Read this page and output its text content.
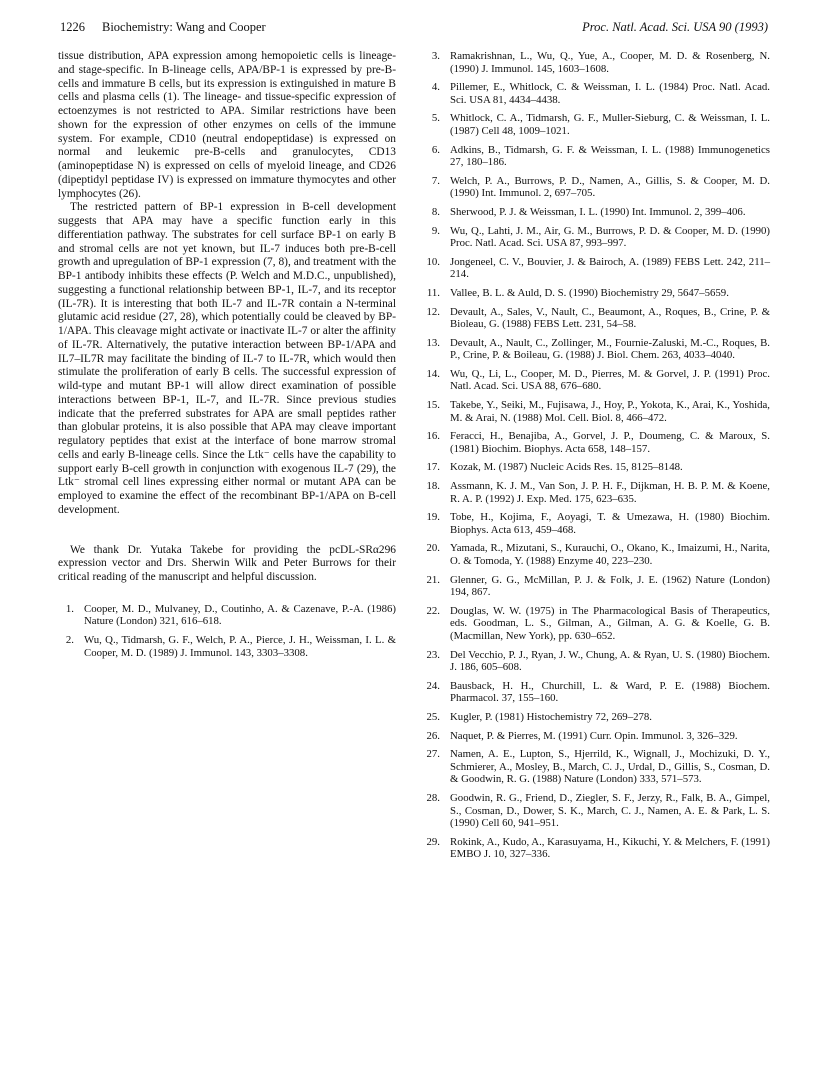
1226 Biochemistry: Wang and Cooper	Proc. Natl. Acad. Sci. USA 90 (1993)

tissue distribution, APA expression among hemopoietic cells is lineage- and stage-specific. In B-lineage cells, APA/BP-1 is expressed by pre-B-cells and immature B cells, but its expression is extinguished in mature B cells and plasma cells (1). The lineage- and tissue-specific expression of ectoenzymes is not restricted to APA. Similar restrictions have been shown for the expression of other enzymes on cells of the immune system. For example, CD10 (neutral endopeptidase) is expressed on normal and leukemic pre-B-cells and granulocytes, CD13 (aminopeptidase N) is expressed on cells of myeloid lineage, and CD26 (dipeptidyl peptidase IV) is expressed on immature thymocytes and other lymphocytes (26).

The restricted pattern of BP-1 expression in B-cell development suggests that APA may have a specific function early in this differentiation pathway. The substrates for cell surface BP-1 on early B and stromal cells are not yet known, but IL-7 induces both pre-B-cell growth and upregulation of BP-1 expression (7, 8), and treatment with the BP-1 antibody inhibits these effects (P. Welch and M.D.C., unpublished), suggesting a functional relationship between BP-1, IL-7, and its receptor (IL-7R). It is interesting that both IL-7 and IL-7R contain a N-terminal glutamic acid residue (27, 28), which potentially could be cleaved by BP-1/APA. This cleavage might activate or inactivate IL-7 or alter the affinity of IL-7R. Alternatively, the putative interaction between BP-1/APA and IL7–IL7R may facilitate the binding of IL-7 to IL-7R, which would then stimulate the proliferation of early B cells. The successful expression of wild-type and mutant BP-1 will allow direct examination of possible interactions between BP-1, IL-7, and IL-7R. Since previous studies indicate that the preferred substrates for APA are small peptides rather than globular proteins, it is also possible that APA may cleave important regulatory peptides that exist at the interface of bone marrow stromal cells and early B-lineage cells. Since the Ltk⁻ cells have the capability to support early B-cell growth in conjunction with exogenous IL-7 (29), the Ltk⁻ stromal cell lines expressing either normal or mutant APA can be employed to examine the effect of the recombinant BP-1/APA on B-cell development.

We thank Dr. Yutaka Takebe for providing the pcDL-SRα296 expression vector and Drs. Sherwin Wilk and Peter Burrows for their critical reading of the manuscript and helpful discussion.

1. Cooper, M. D., Mulvaney, D., Coutinho, A. & Cazenave, P.-A. (1986) Nature (London) 321, 616–618.
2. Wu, Q., Tidmarsh, G. F., Welch, P. A., Pierce, J. H., Weissman, I. L. & Cooper, M. D. (1989) J. Immunol. 143, 3303–3308.
3. Ramakrishnan, L., Wu, Q., Yue, A., Cooper, M. D. & Rosenberg, N. (1990) J. Immunol. 145, 1603–1608.
4. Pillemer, E., Whitlock, C. & Weissman, I. L. (1984) Proc. Natl. Acad. Sci. USA 81, 4434–4438.
5. Whitlock, C. A., Tidmarsh, G. F., Muller-Sieburg, C. & Weissman, I. L. (1987) Cell 48, 1009–1021.
6. Adkins, B., Tidmarsh, G. F. & Weissman, I. L. (1988) Immunogenetics 27, 180–186.
7. Welch, P. A., Burrows, P. D., Namen, A., Gillis, S. & Cooper, M. D. (1990) Int. Immunol. 2, 697–705.
8. Sherwood, P. J. & Weissman, I. L. (1990) Int. Immunol. 2, 399–406.
9. Wu, Q., Lahti, J. M., Air, G. M., Burrows, P. D. & Cooper, M. D. (1990) Proc. Natl. Acad. Sci. USA 87, 993–997.
10. Jongeneel, C. V., Bouvier, J. & Bairoch, A. (1989) FEBS Lett. 242, 211–214.
11. Vallee, B. L. & Auld, D. S. (1990) Biochemistry 29, 5647–5659.
12. Devault, A., Sales, V., Nault, C., Beaumont, A., Roques, B., Crine, P. & Bioleau, G. (1988) FEBS Lett. 231, 54–58.
13. Devault, A., Nault, C., Zollinger, M., Fournie-Zaluski, M.-C., Roques, B. P., Crine, P. & Boileau, G. (1988) J. Biol. Chem. 263, 4033–4040.
14. Wu, Q., Li, L., Cooper, M. D., Pierres, M. & Gorvel, J. P. (1991) Proc. Natl. Acad. Sci. USA 88, 676–680.
15. Takebe, Y., Seiki, M., Fujisawa, J., Hoy, P., Yokota, K., Arai, K., Yoshida, M. & Arai, N. (1988) Mol. Cell. Biol. 8, 466–472.
16. Feracci, H., Benajiba, A., Gorvel, J. P., Doumeng, C. & Maroux, S. (1981) Biochim. Biophys. Acta 658, 148–157.
17. Kozak, M. (1987) Nucleic Acids Res. 15, 8125–8148.
18. Assmann, K. J. M., Van Son, J. P. H. F., Dijkman, H. B. P. M. & Koene, R. A. P. (1992) J. Exp. Med. 175, 623–635.
19. Tobe, H., Kojima, F., Aoyagi, T. & Umezawa, H. (1980) Biochim. Biophys. Acta 613, 459–468.
20. Yamada, R., Mizutani, S., Kurauchi, O., Okano, K., Imaizumi, H., Narita, O. & Tomoda, Y. (1988) Enzyme 40, 223–230.
21. Glenner, G. G., McMillan, P. J. & Folk, J. E. (1962) Nature (London) 194, 867.
22. Douglas, W. W. (1975) in The Pharmacological Basis of Therapeutics, eds. Goodman, L. S., Gilman, A., Gilman, A. G. & Koelle, G. B. (Macmillan, New York), pp. 630–652.
23. Del Vecchio, P. J., Ryan, J. W., Chung, A. & Ryan, U. S. (1980) Biochem. J. 186, 605–608.
24. Bausback, H. H., Churchill, L. & Ward, P. E. (1988) Biochem. Pharmacol. 37, 155–160.
25. Kugler, P. (1981) Histochemistry 72, 269–278.
26. Naquet, P. & Pierres, M. (1991) Curr. Opin. Immunol. 3, 326–329.
27. Namen, A. E., Lupton, S., Hjerrild, K., Wignall, J., Mochizuki, D. Y., Schmierer, A., Mosley, B., March, C. J., Urdal, D., Gillis, S., Cosman, D. & Goodwin, R. G. (1988) Nature (London) 333, 571–573.
28. Goodwin, R. G., Friend, D., Ziegler, S. F., Jerzy, R., Falk, B. A., Gimpel, S., Cosman, D., Dower, S. K., March, C. J., Namen, A. E. & Park, L. S. (1990) Cell 60, 941–951.
29. Rokink, A., Kudo, A., Karasuyama, H., Kikuchi, Y. & Melchers, F. (1991) EMBO J. 10, 327–336.
